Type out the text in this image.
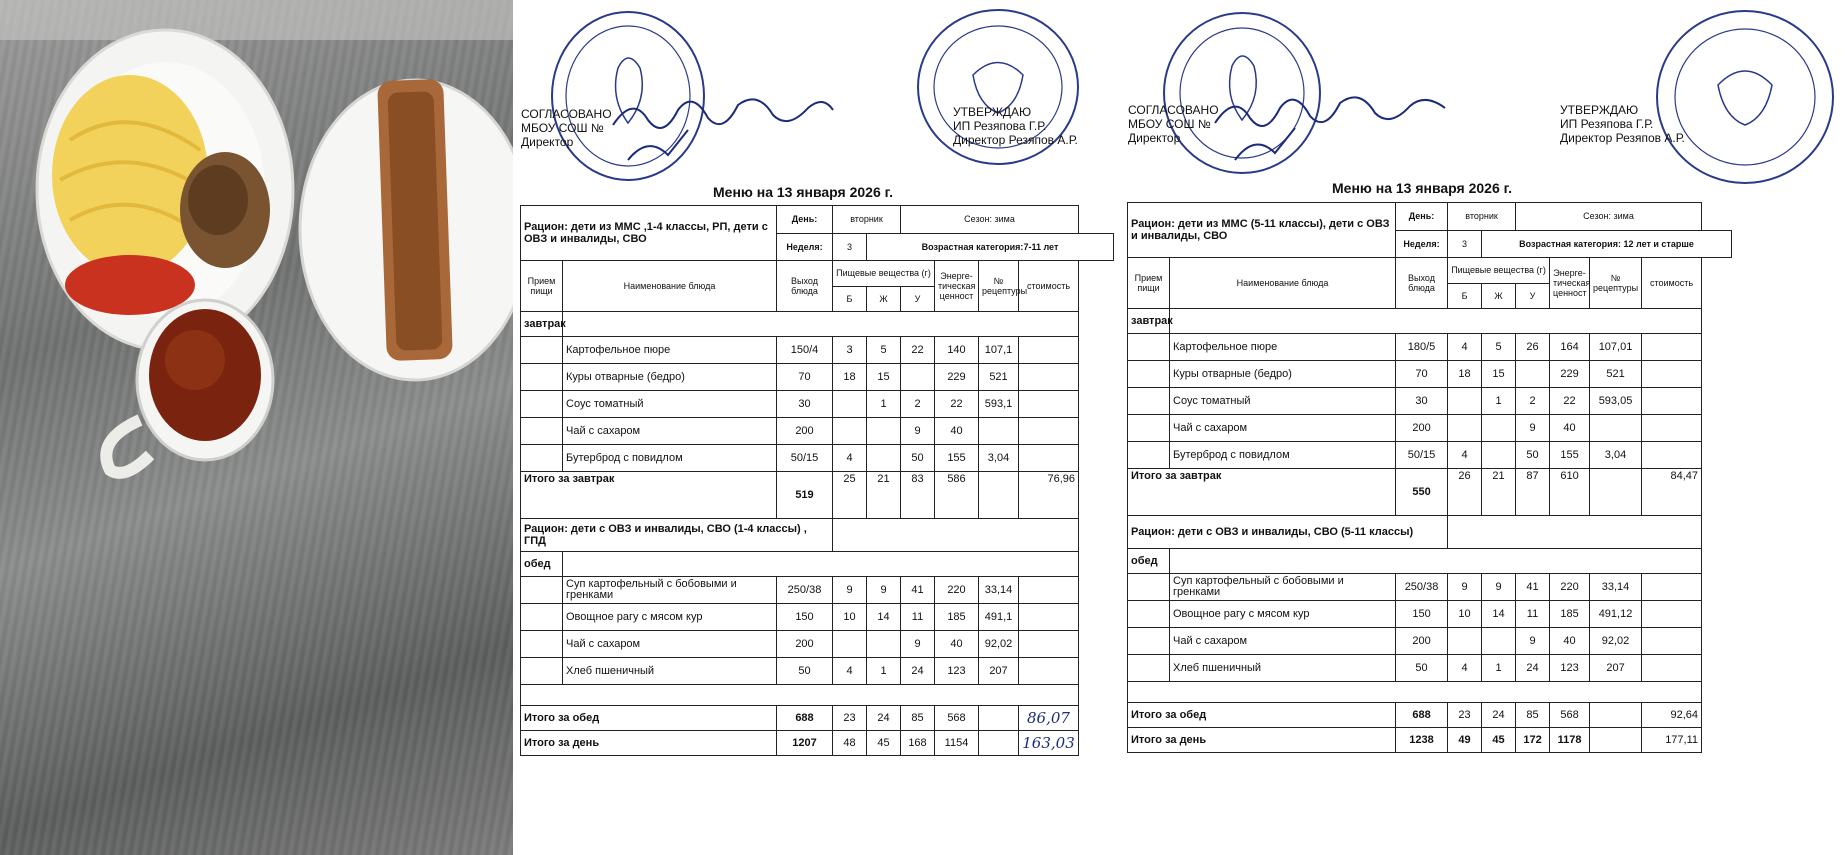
СОГЛАСОВАНО
МБОУ СОШ №
Директор
УТВЕРЖДАЮ
ИП Резяпова Г.Р.
Директор Резяпов А.Р.
Меню на 13 января 2026 г.
Рацион: дети из ММС ,1-4 классы, РП, дети с ОВЗ и инвалиды, СВО		День:	вторник		Сезон: зима			
		Неделя:	3	Возрастная категория:7-11 лет				
Прием пищи	Наименование блюда	Выход блюда	Пищевые вещества (г)			Энерге-тическая ценност	№ рецептуры	стоимость
			Б	Ж	У			
завтрак								
	Картофельное пюре	150/4	3	5	22	140	107,1	
	Куры отварные (бедро)	70	18	15		229	521	
	Соус томатный	30		1	2	22	593,1	
	Чай с сахаром	200			9	40		
	Бутерброд с повидлом	50/15	4		50	155	3,04	
Итого за завтрак		519	25	21	83	586		76,96
Рацион: дети с ОВЗ и инвалиды, СВО (1-4 классы) , ГПД								
обед								
	Суп картофельный с бобовыми и гренками	250/38	9	9	41	220	33,14	
	Овощное рагу с мясом кур	150	10	14	11	185	491,1	
	Чай с сахаром	200			9	40	92,02	
	Хлеб пшеничный	50	4	1	24	123	207	

Итого за обед		688	23	24	85	568		86,07
Итого за день		1207	48	45	168	1154		163,03
СОГЛАСОВАНО
МБОУ СОШ №
Директор
УТВЕРЖДАЮ
ИП Резяпова Г.Р.
Директор Резяпов А.Р.
Меню на 13 января 2026 г.
Рацион: дети из ММС (5-11 классы), дети с ОВЗ и инвалиды, СВО		День:	вторник		Сезон: зима			
		Неделя:	3	Возрастная категория: 12 лет и старше				
Прием пищи	Наименование блюда	Выход блюда	Пищевые вещества (г)			Энерге-тическая ценност	№ рецептуры	стоимость
			Б	Ж	У			
завтрак								
	Картофельное пюре	180/5	4	5	26	164	107,01	
	Куры отварные (бедро)	70	18	15		229	521	
	Соус томатный	30		1	2	22	593,05	
	Чай с сахаром	200			9	40		
	Бутерброд с повидлом	50/15	4		50	155	3,04	
Итого за завтрак		550	26	21	87	610		84,47
Рацион: дети с ОВЗ и инвалиды, СВО (5-11 классы)								
обед								
	Суп картофельный с бобовыми и гренками	250/38	9	9	41	220	33,14	
	Овощное рагу с мясом кур	150	10	14	11	185	491,12	
	Чай с сахаром	200			9	40	92,02	
	Хлеб пшеничный	50	4	1	24	123	207	

Итого за обед		688	23	24	85	568		92,64
Итого за день		1238	49	45	172	1178		177,11
